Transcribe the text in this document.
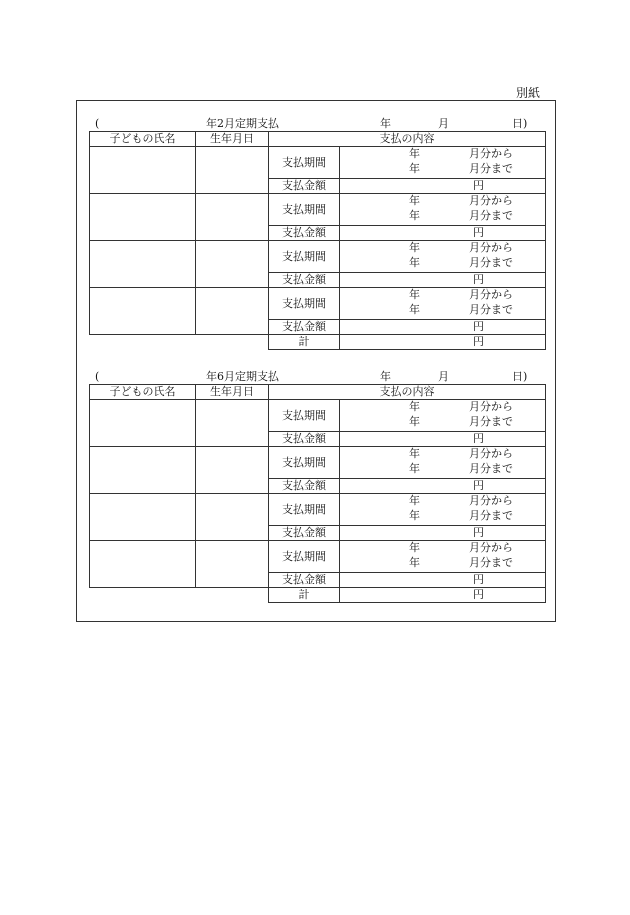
別紙
(	年2月定期支払	年	月	日)
子どもの氏名	生年月日	支払の内容	
		支払期間	年 月分から
年 月分まで

		支払金額	円
		支払期間	年 月分から
年 月分まで

		支払金額	円
		支払期間	年 月分から
年 月分まで

		支払金額	円
		支払期間	年 月分から
年 月分まで

		支払金額	円
		計	円
(	年6月定期支払	年	月	日)
子どもの氏名	生年月日	支払の内容	
		支払期間	年 月分から
年 月分まで

		支払金額	円
		支払期間	年 月分から
年 月分まで

		支払金額	円
		支払期間	年 月分から
年 月分まで

		支払金額	円
		支払期間	年 月分から
年 月分まで

		支払金額	円
		計	円
